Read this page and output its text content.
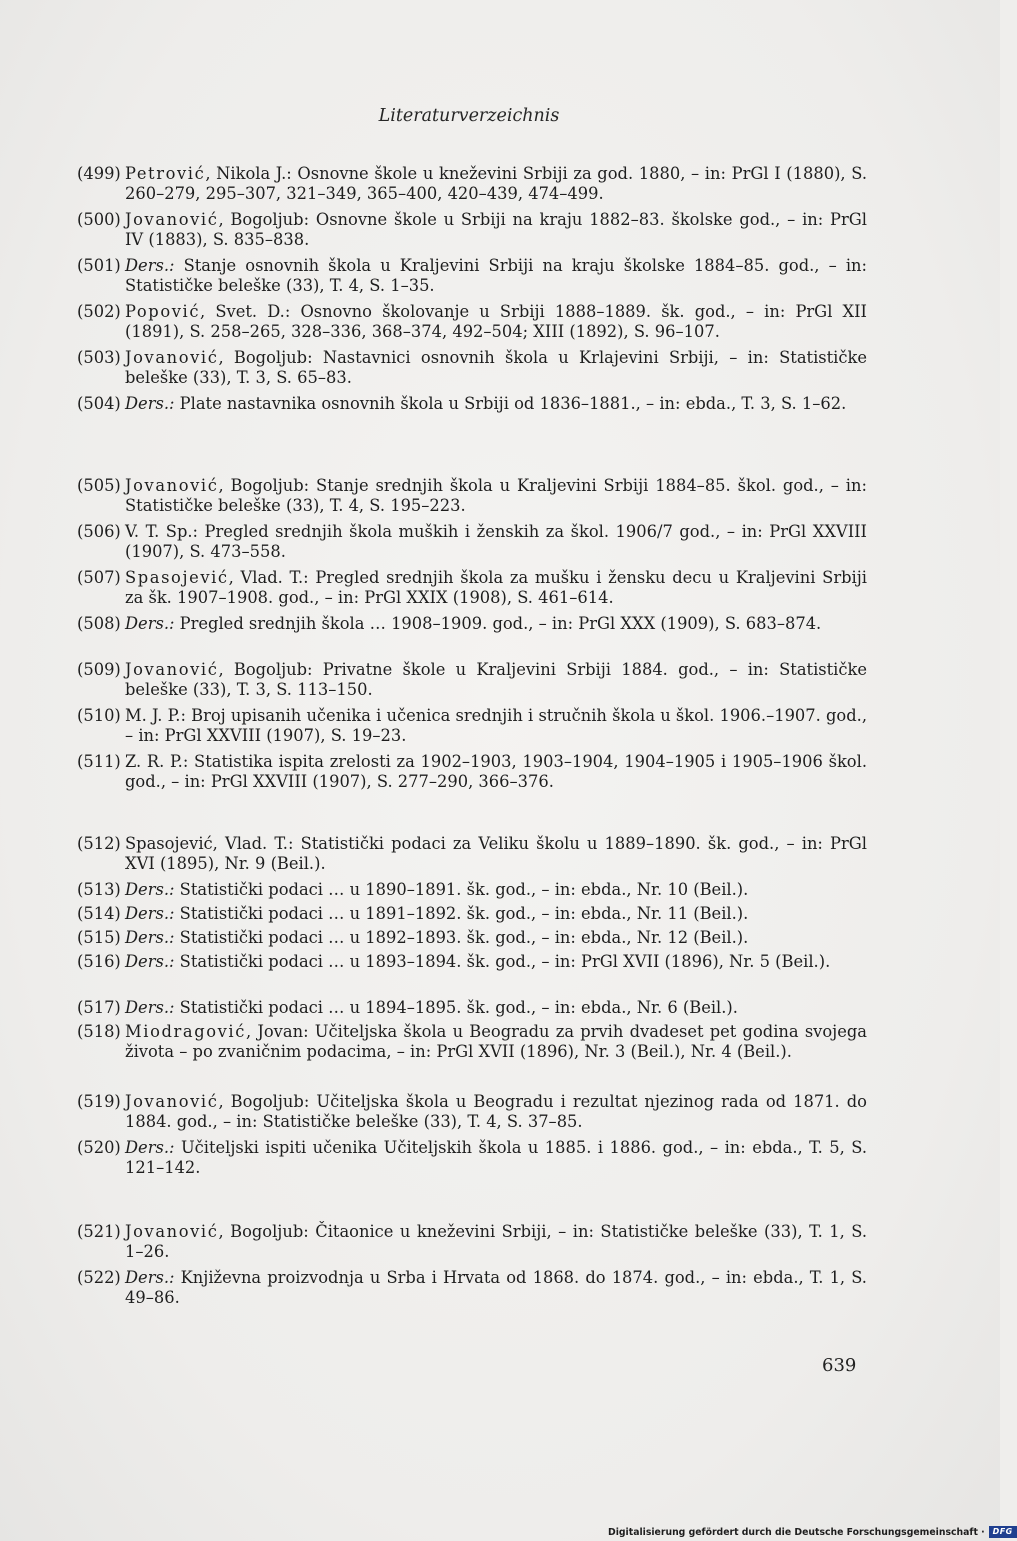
Literaturverzeichnis
(499) Petrović, Nikola J.: Osnovne škole u kneževini Srbiji za god. 1880, – in: PrGl I (1880), S. 260–279, 295–307, 321–349, 365–400, 420–439, 474–499.
(500) Jovanović, Bogoljub: Osnovne škole u Srbiji na kraju 1882–83. školske god., – in: PrGl IV (1883), S. 835–838.
(501) Ders.: Stanje osnovnih škola u Kraljevini Srbiji na kraju školske 1884–85. god., – in: Statističke beleške (33), T. 4, S. 1–35.
(502) Popović, Svet. D.: Osnovno školovanje u Srbiji 1888–1889. šk. god., – in: PrGl XII (1891), S. 258–265, 328–336, 368–374, 492–504; XIII (1892), S. 96–107.
(503) Jovanović, Bogoljub: Nastavnici osnovnih škola u Krlajevini Srbiji, – in: Statističke beleške (33), T. 3, S. 65–83.
(504) Ders.: Plate nastavnika osnovnih škola u Srbiji od 1836–1881., – in: ebda., T. 3, S. 1–62.
(505) Jovanović, Bogoljub: Stanje srednjih škola u Kraljevini Srbiji 1884–85. škol. god., – in: Statističke beleške (33), T. 4, S. 195–223.
(506) V. T. Sp.: Pregled srednjih škola muških i ženskih za škol. 1906/7 god., – in: PrGl XXVIII (1907), S. 473–558.
(507) Spasojević, Vlad. T.: Pregled srednjih škola za mušku i žensku decu u Kraljevini Srbiji za šk. 1907–1908. god., – in: PrGl XXIX (1908), S. 461–614.
(508) Ders.: Pregled srednjih škola … 1908–1909. god., – in: PrGl XXX (1909), S. 683–874.
(509) Jovanović, Bogoljub: Privatne škole u Kraljevini Srbiji 1884. god., – in: Statističke beleške (33), T. 3, S. 113–150.
(510) M. J. P.: Broj upisanih učenika i učenica srednjih i stručnih škola u škol. 1906.–1907. god., – in: PrGl XXVIII (1907), S. 19–23.
(511) Z. R. P.: Statistika ispita zrelosti za 1902–1903, 1903–1904, 1904–1905 i 1905–1906 škol. god., – in: PrGl XXVIII (1907), S. 277–290, 366–376.
(512) Spasojević, Vlad. T.: Statistički podaci za Veliku školu u 1889–1890. šk. god., – in: PrGl XVI (1895), Nr. 9 (Beil.).
(513) Ders.: Statistički podaci … u 1890–1891. šk. god., – in: ebda., Nr. 10 (Beil.).
(514) Ders.: Statistički podaci … u 1891–1892. šk. god., – in: ebda., Nr. 11 (Beil.).
(515) Ders.: Statistički podaci … u 1892–1893. šk. god., – in: ebda., Nr. 12 (Beil.).
(516) Ders.: Statistički podaci … u 1893–1894. šk. god., – in: PrGl XVII (1896), Nr. 5 (Beil.).
(517) Ders.: Statistički podaci … u 1894–1895. šk. god., – in: ebda., Nr. 6 (Beil.).
(518) Miodragović, Jovan: Učiteljska škola u Beogradu za prvih dvadeset pet godina svojega života – po zvaničnim podacima, – in: PrGl XVII (1896), Nr. 3 (Beil.), Nr. 4 (Beil.).
(519) Jovanović, Bogoljub: Učiteljska škola u Beogradu i rezultat njezinog rada od 1871. do 1884. god., – in: Statističke beleške (33), T. 4, S. 37–85.
(520) Ders.: Učiteljski ispiti učenika Učiteljskih škola u 1885. i 1886. god., – in: ebda., T. 5, S. 121–142.
(521) Jovanović, Bogoljub: Čitaonice u kneževini Srbiji, – in: Statističke beleške (33), T. 1, S. 1–26.
(522) Ders.: Književna proizvodnja u Srba i Hrvata od 1868. do 1874. god., – in: ebda., T. 1, S. 49–86.
639
Digitalisierung gefördert durch die Deutsche Forschungsgemeinschaft · DFG
